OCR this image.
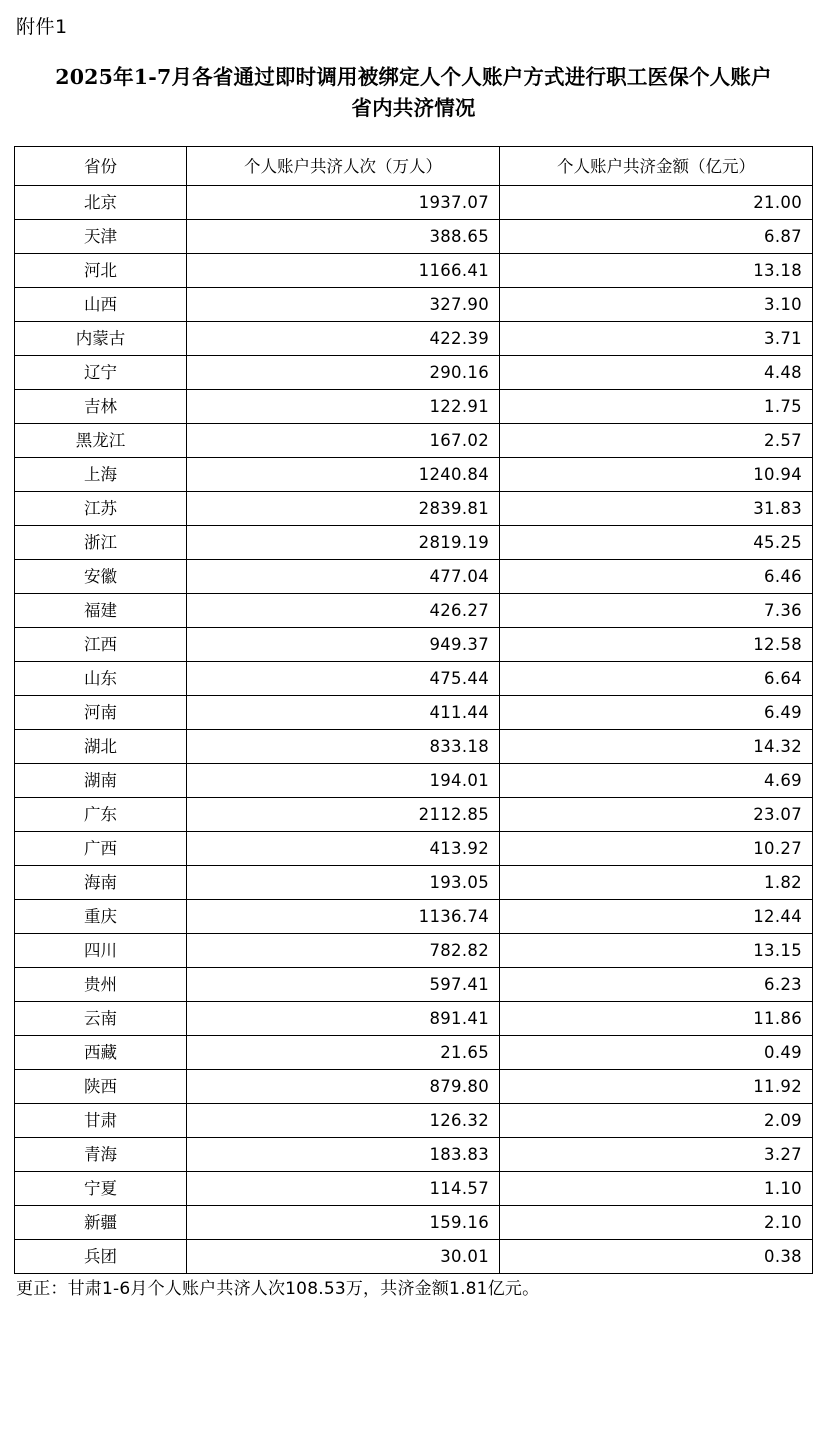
附件1
2025年1-7月各省通过即时调用被绑定人个人账户方式进行职工医保个人账户省内共济情况
省份	个人账户共济人次（万人）	个人账户共济金额（亿元）
北京	1937.07	21.00
天津	388.65	6.87
河北	1166.41	13.18
山西	327.90	3.10
内蒙古	422.39	3.71
辽宁	290.16	4.48
吉林	122.91	1.75
黑龙江	167.02	2.57
上海	1240.84	10.94
江苏	2839.81	31.83
浙江	2819.19	45.25
安徽	477.04	6.46
福建	426.27	7.36
江西	949.37	12.58
山东	475.44	6.64
河南	411.44	6.49
湖北	833.18	14.32
湖南	194.01	4.69
广东	2112.85	23.07
广西	413.92	10.27
海南	193.05	1.82
重庆	1136.74	12.44
四川	782.82	13.15
贵州	597.41	6.23
云南	891.41	11.86
西藏	21.65	0.49
陕西	879.80	11.92
甘肃	126.32	2.09
青海	183.83	3.27
宁夏	114.57	1.10
新疆	159.16	2.10
兵团	30.01	0.38
更正：甘肃1-6月个人账户共济人次108.53万，共济金额1.81亿元。
